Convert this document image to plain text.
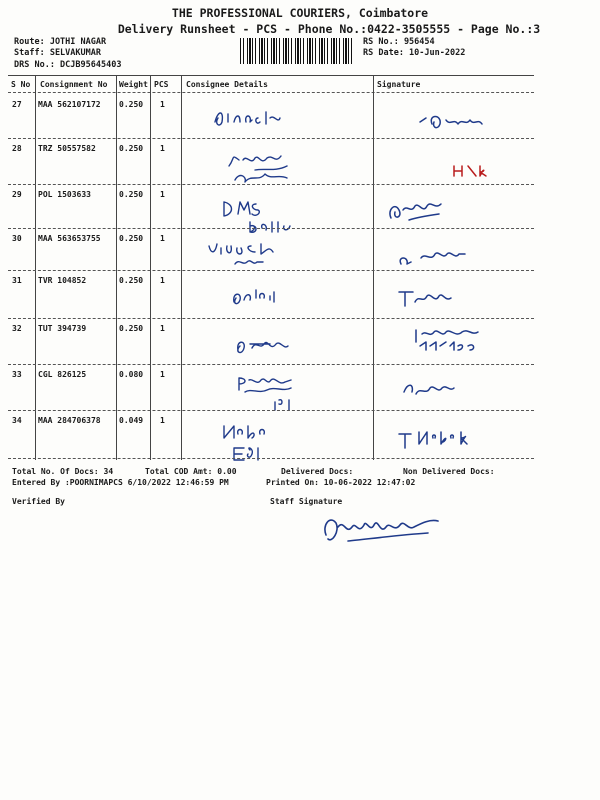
THE PROFESSIONAL COURIERS, Coimbatore
Delivery Runsheet - PCS - Phone No.:0422-3505555 - Page No.:3
Route: JOTHI NAGAR
Staff: SELVAKUMAR
DRS No.: DCJB95645403
RS No.: 956454
RS Date: 10-Jun-2022
S No Consignment No Weight PCS Consignee Details	Signature
27 MAA 562107172 0.250 1
28 TRZ 50557582	0.250 1
29 POL 1503633	0.250 1
30 MAA 563653755 0.250 1
31 TVR 104852	0.250 1
32 TUT 394739	0.250 1
33 CGL 826125	0.080 1
34 MAA 284706378 0.049 1
Total No. Of Docs: 34	Total COD Amt: 0.00	Delivered Docs:	Non Delivered Docs:
Entered By :POORNIMAPCS 6/10/2022 12:46:59 PM	Printed On: 10-06-2022 12:47:02
Verified By	Staff Signature
